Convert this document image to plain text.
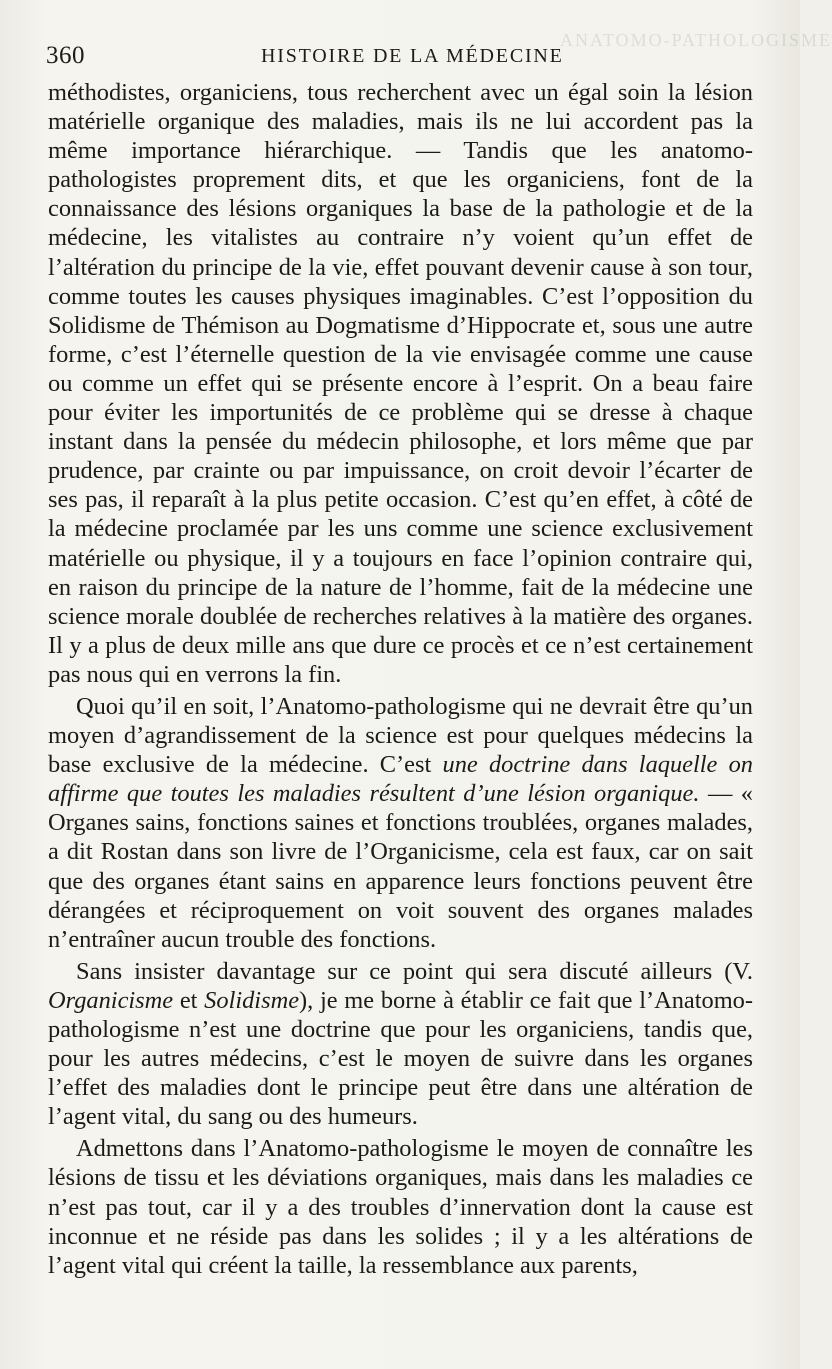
ANATOMO-PATHOLOGISME
360	HISTOIRE DE LA MÉDECINE

méthodistes, organiciens, tous recherchent avec un égal soin la lésion matérielle organique des maladies, mais ils ne lui accordent pas la même importance hiérarchique. — Tandis que les anatomo-pathologistes proprement dits, et que les organiciens, font de la connaissance des lésions organiques la base de la pathologie et de la médecine, les vitalistes au contraire n’y voient qu’un effet de l’altération du principe de la vie, effet pouvant devenir cause à son tour, comme toutes les causes physiques imaginables. C’est l’opposition du Solidisme de Thémison au Dogmatisme d’Hippocrate et, sous une autre forme, c’est l’éternelle question de la vie envisagée comme une cause ou comme un effet qui se présente encore à l’esprit. On a beau faire pour éviter les importunités de ce problème qui se dresse à chaque instant dans la pensée du médecin philosophe, et lors même que par prudence, par crainte ou par impuissance, on croit devoir l’écarter de ses pas, il reparaît à la plus petite occasion. C’est qu’en effet, à côté de la médecine proclamée par les uns comme une science exclusivement matérielle ou physique, il y a toujours en face l’opinion contraire qui, en raison du principe de la nature de l’homme, fait de la médecine une science morale doublée de recherches relatives à la matière des organes. Il y a plus de deux mille ans que dure ce procès et ce n’est certainement pas nous qui en verrons la fin.

Quoi qu’il en soit, l’Anatomo-pathologisme qui ne devrait être qu’un moyen d’agrandissement de la science est pour quelques médecins la base exclusive de la médecine. C’est une doctrine dans laquelle on affirme que toutes les maladies résultent d’une lésion organique. — « Organes sains, fonctions saines et fonctions troublées, organes malades, a dit Rostan dans son livre de l’Organicisme, cela est faux, car on sait que des organes étant sains en apparence leurs fonctions peuvent être dérangées et réciproquement on voit souvent des organes malades n’entraîner aucun trouble des fonctions.

Sans insister davantage sur ce point qui sera discuté ailleurs (V. Organicisme et Solidisme), je me borne à établir ce fait que l’Anatomo-pathologisme n’est une doctrine que pour les organiciens, tandis que, pour les autres médecins, c’est le moyen de suivre dans les organes l’effet des maladies dont le principe peut être dans une altération de l’agent vital, du sang ou des humeurs.

Admettons dans l’Anatomo-pathologisme le moyen de connaître les lésions de tissu et les déviations organiques, mais dans les maladies ce n’est pas tout, car il y a des troubles d’innervation dont la cause est inconnue et ne réside pas dans les solides ; il y a les altérations de l’agent vital qui créent la taille, la ressemblance aux parents,
